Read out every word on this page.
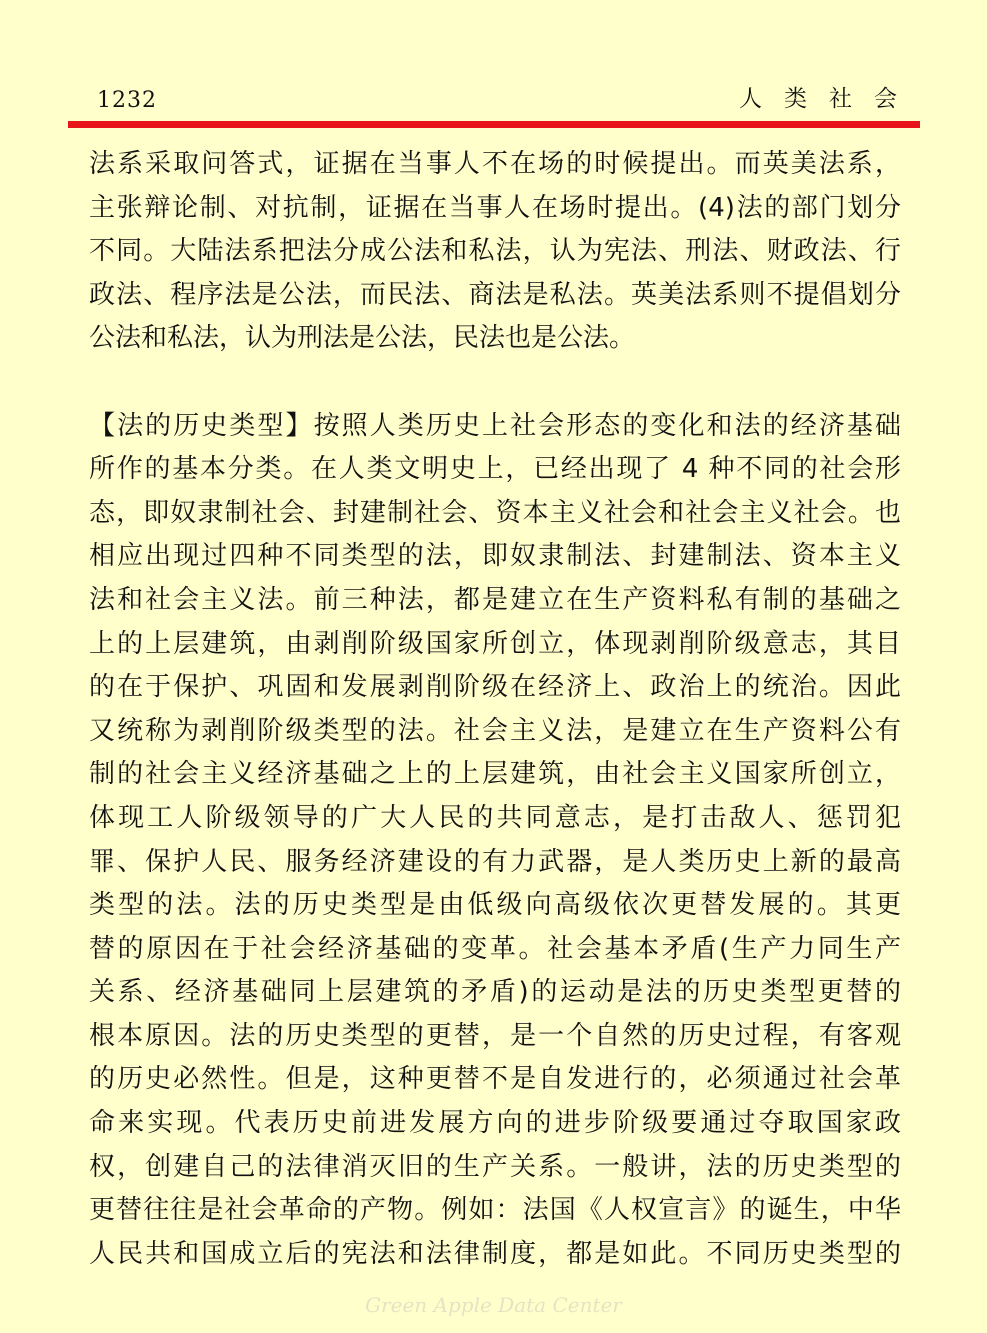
1232	人类社会
法系采取问答式，证据在当事人不在场的时候提出。而英美法系，
主张辩论制、对抗制，证据在当事人在场时提出。(4)法的部门划分
不同。大陆法系把法分成公法和私法，认为宪法、刑法、财政法、行
政法、程序法是公法，而民法、商法是私法。英美法系则不提倡划分
公法和私法，认为刑法是公法，民法也是公法。
【法的历史类型】按照人类历史上社会形态的变化和法的经济基础
所作的基本分类。在人类文明史上，已经出现了 4 种不同的社会形
态，即奴隶制社会、封建制社会、资本主义社会和社会主义社会。也
相应出现过四种不同类型的法，即奴隶制法、封建制法、资本主义
法和社会主义法。前三种法，都是建立在生产资料私有制的基础之
上的上层建筑，由剥削阶级国家所创立，体现剥削阶级意志，其目
的在于保护、巩固和发展剥削阶级在经济上、政治上的统治。因此
又统称为剥削阶级类型的法。社会主义法，是建立在生产资料公有
制的社会主义经济基础之上的上层建筑，由社会主义国家所创立，
体现工人阶级领导的广大人民的共同意志，是打击敌人、惩罚犯
罪、保护人民、服务经济建设的有力武器，是人类历史上新的最高
类型的法。法的历史类型是由低级向高级依次更替发展的。其更
替的原因在于社会经济基础的变革。社会基本矛盾(生产力同生产
关系、经济基础同上层建筑的矛盾)的运动是法的历史类型更替的
根本原因。法的历史类型的更替，是一个自然的历史过程，有客观
的历史必然性。但是，这种更替不是自发进行的，必须通过社会革
命来实现。代表历史前进发展方向的进步阶级要通过夺取国家政
权，创建自己的法律消灭旧的生产关系。一般讲，法的历史类型的
更替往往是社会革命的产物。例如：法国《人权宣言》的诞生，中华
人民共和国成立后的宪法和法律制度，都是如此。不同历史类型的
Green Apple Data Center
